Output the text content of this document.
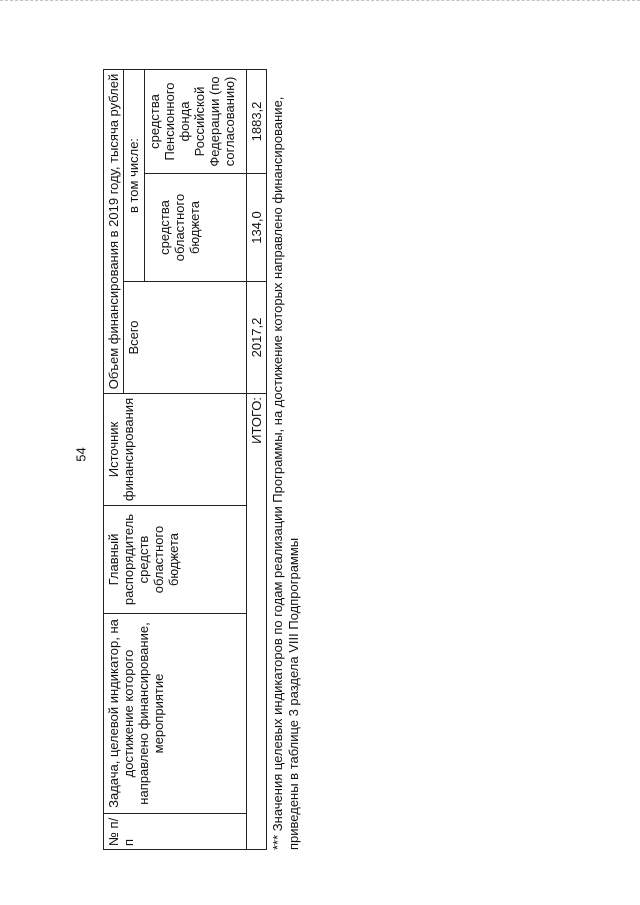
54
№ п/п	Задача, целевой индикатор, на достижение которого направлено финансирование, мероприятие	Главный распорядитель средств областного бюджета	Источник финансирования	Объем финансирования в 2019 году, тысяча рублей		
				Всего	в том числе:	
					средства областного бюджета	средства Пенсионного фонда Российской Федерации (по согласованию)
ИТОГО:				2017,2	134,0	1883,2 *** Значения целевых индикаторов по годам реализации Программы, на достижение которых направлено финансирование, приведены в таблице 3 раздела VIII Подпрограммы
